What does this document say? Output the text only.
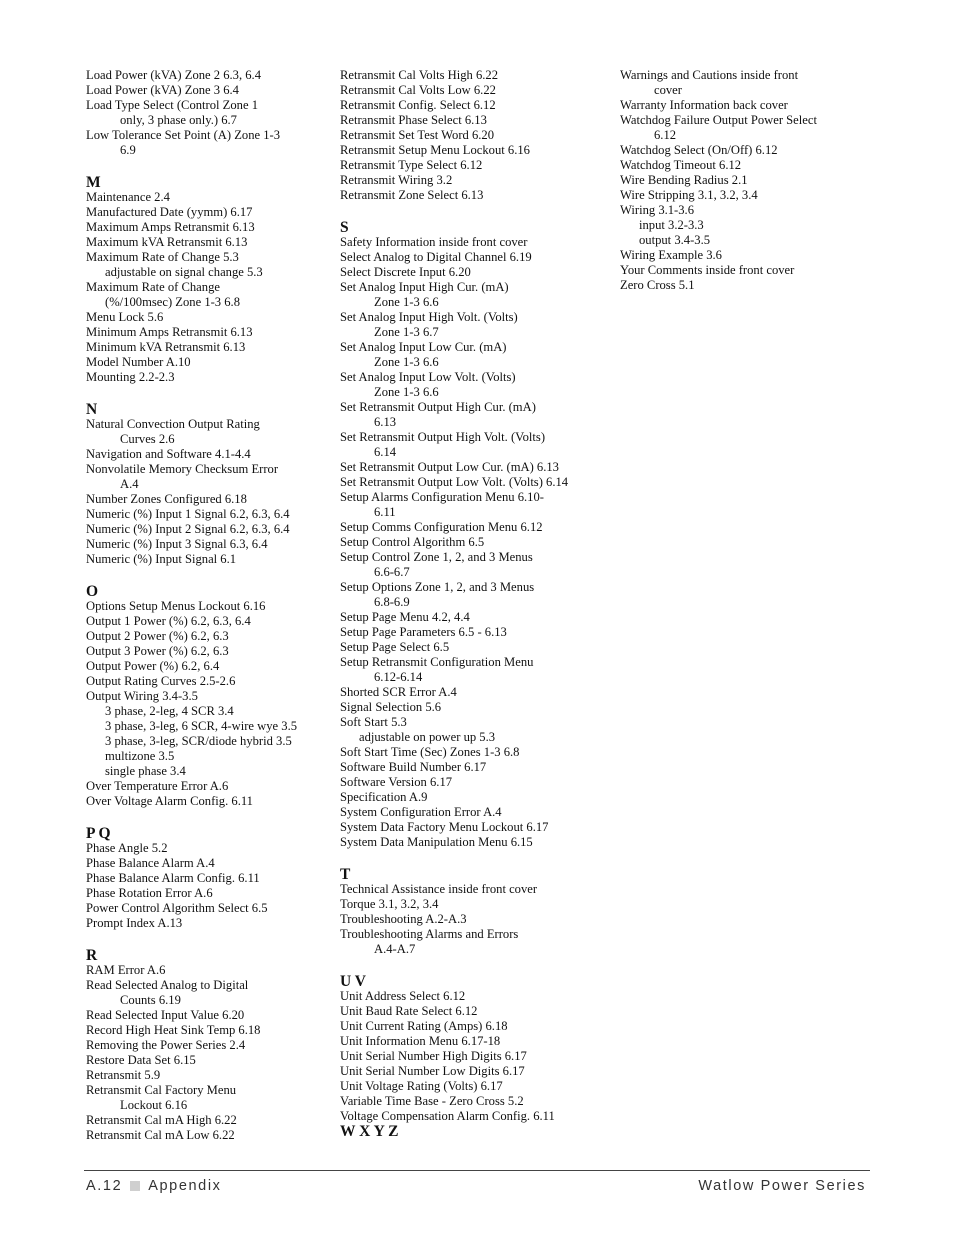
Load Power (kVA) Zone 2 6.3, 6.4
Load Power (kVA) Zone 3 6.4
Load Type Select (Control Zone 1
only, 3 phase only.) 6.7
Low Tolerance Set Point (A) Zone 1-3
6.9
M
Maintenance 2.4
Manufactured Date (yymm) 6.17
Maximum Amps Retransmit 6.13
Maximum kVA Retransmit 6.13
Maximum Rate of Change 5.3
adjustable on signal change 5.3
Maximum Rate of Change
(%/100msec) Zone 1-3 6.8
Menu Lock 5.6
Minimum Amps Retransmit 6.13
Minimum kVA Retransmit 6.13
Model Number A.10
Mounting 2.2-2.3
N
Natural Convection Output Rating
Curves 2.6
Navigation and Software 4.1-4.4
Nonvolatile Memory Checksum Error
A.4
Number Zones Configured 6.18
Numeric (%) Input 1 Signal 6.2, 6.3, 6.4
Numeric (%) Input 2 Signal 6.2, 6.3, 6.4
Numeric (%) Input 3 Signal 6.3, 6.4
Numeric (%) Input Signal 6.1
O
Options Setup Menus Lockout 6.16
Output 1 Power (%) 6.2, 6.3, 6.4
Output 2 Power (%) 6.2, 6.3
Output 3 Power (%) 6.2, 6.3
Output Power (%) 6.2, 6.4
Output Rating Curves 2.5-2.6
Output Wiring 3.4-3.5
3 phase, 2-leg, 4 SCR 3.4
3 phase, 3-leg, 6 SCR, 4-wire wye 3.5
3 phase, 3-leg, SCR/diode hybrid 3.5
multizone 3.5
single phase 3.4
Over Temperature Error A.6
Over Voltage Alarm Config. 6.11
P Q
Phase Angle 5.2
Phase Balance Alarm A.4
Phase Balance Alarm Config. 6.11
Phase Rotation Error A.6
Power Control Algorithm Select 6.5
Prompt Index A.13
R
RAM Error A.6
Read Selected Analog to Digital
Counts 6.19
Read Selected Input Value 6.20
Record High Heat Sink Temp 6.18
Removing the Power Series 2.4
Restore Data Set 6.15
Retransmit 5.9
Retransmit Cal Factory Menu
Lockout 6.16
Retransmit Cal mA High 6.22
Retransmit Cal mA Low 6.22
Retransmit Cal Volts High 6.22
Retransmit Cal Volts Low 6.22
Retransmit Config. Select 6.12
Retransmit Phase Select 6.13
Retransmit Set Test Word 6.20
Retransmit Setup Menu Lockout 6.16
Retransmit Type Select 6.12
Retransmit Wiring 3.2
Retransmit Zone Select 6.13
S
Safety Information inside front cover
Select Analog to Digital Channel 6.19
Select Discrete Input 6.20
Set Analog Input High Cur. (mA)
Zone 1-3 6.6
Set Analog Input High Volt. (Volts)
Zone 1-3 6.7
Set Analog Input Low Cur. (mA)
Zone 1-3 6.6
Set Analog Input Low Volt. (Volts)
Zone 1-3 6.6
Set Retransmit Output High Cur. (mA)
6.13
Set Retransmit Output High Volt. (Volts)
6.14
Set Retransmit Output Low Cur. (mA) 6.13
Set Retransmit Output Low Volt. (Volts) 6.14
Setup Alarms Configuration Menu 6.10-
6.11
Setup Comms Configuration Menu 6.12
Setup Control Algorithm 6.5
Setup Control Zone 1, 2, and 3 Menus
6.6-6.7
Setup Options Zone 1, 2, and 3 Menus
6.8-6.9
Setup Page Menu 4.2, 4.4
Setup Page Parameters 6.5 - 6.13
Setup Page Select 6.5
Setup Retransmit Configuration Menu
6.12-6.14
Shorted SCR Error A.4
Signal Selection 5.6
Soft Start 5.3
adjustable on power up 5.3
Soft Start Time (Sec) Zones 1-3 6.8
Software Build Number 6.17
Software Version 6.17
Specification A.9
System Configuration Error A.4
System Data Factory Menu Lockout 6.17
System Data Manipulation Menu 6.15
T
Technical Assistance inside front cover
Torque 3.1, 3.2, 3.4
Troubleshooting A.2-A.3
Troubleshooting Alarms and Errors
A.4-A.7
U V
Unit Address Select 6.12
Unit Baud Rate Select 6.12
Unit Current Rating (Amps) 6.18
Unit Information Menu 6.17-18
Unit Serial Number High Digits 6.17
Unit Serial Number Low Digits 6.17
Unit Voltage Rating (Volts) 6.17
Variable Time Base - Zero Cross 5.2
Voltage Compensation Alarm Config. 6.11
W X Y Z
Warnings and Cautions inside front
cover
Warranty Information back cover
Watchdog Failure Output Power Select
6.12
Watchdog Select (On/Off) 6.12
Watchdog Timeout 6.12
Wire Bending Radius 2.1
Wire Stripping 3.1, 3.2, 3.4
Wiring 3.1-3.6
input 3.2-3.3
output 3.4-3.5
Wiring Example 3.6
Your Comments inside front cover
Zero Cross 5.1
A.12 Appendix	Watlow Power Series
